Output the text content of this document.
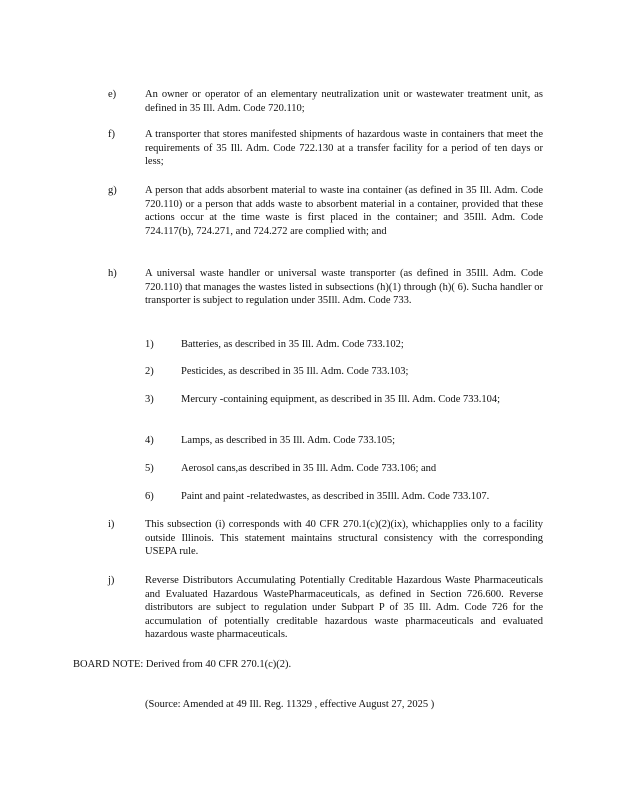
e)	An owner or operator of an elementary neutralization unit or wastewater treatment unit, as defined in 35 Ill. Adm. Code 720.110;
f)	A transporter that stores manifested shipments of hazardous waste in containers that meet the requirements of 35 Ill. Adm. Code 722.130 at a transfer facility for a period of ten days or less;
g)	A person that adds absorbent material to waste ina container (as defined in 35 Ill. Adm. Code 720.110) or a person that adds waste to absorbent material in a container, provided that these actions occur at the time waste is first placed in the container; and 35Ill. Adm. Code 724.117(b), 724.271, and 724.272 are complied with; and
h)	A universal waste handler or universal waste transporter (as defined in 35Ill. Adm. Code 720.110) that manages the wastes listed in subsections (h)(1) through (h)( 6). Sucha handler or transporter is subject to regulation under 35Ill. Adm. Code 733.
1)	Batteries, as described in 35 Ill. Adm. Code 733.102;
2)	Pesticides, as described in 35 Ill. Adm. Code 733.103;
3)	Mercury -containing equipment, as described in 35 Ill. Adm. Code 733.104;
4)	Lamps, as described in 35 Ill. Adm. Code 733.105;
5)	Aerosol cans,as described in 35 Ill. Adm. Code 733.106; and
6)	Paint and paint -relatedwastes, as described in 35Ill. Adm. Code 733.107.
i)	This subsection (i) corresponds with 40 CFR 270.1(c)(2)(ix), whichapplies only to a facility outside Illinois. This statement maintains structural consistency with the corresponding USEPA rule.
j)	Reverse Distributors Accumulating Potentially Creditable Hazardous Waste Pharmaceuticals and Evaluated Hazardous WastePharmaceuticals, as defined in Section 726.600. Reverse distributors are subject to regulation under Subpart P of 35 Ill. Adm. Code 726 for the accumulation of potentially creditable hazardous waste pharmaceuticals and evaluated hazardous waste pharmaceuticals.
BOARD NOTE: Derived from 40 CFR 270.1(c)(2).
(Source: Amended at 49 Ill. Reg. 11329 , effective August 27, 2025 )
